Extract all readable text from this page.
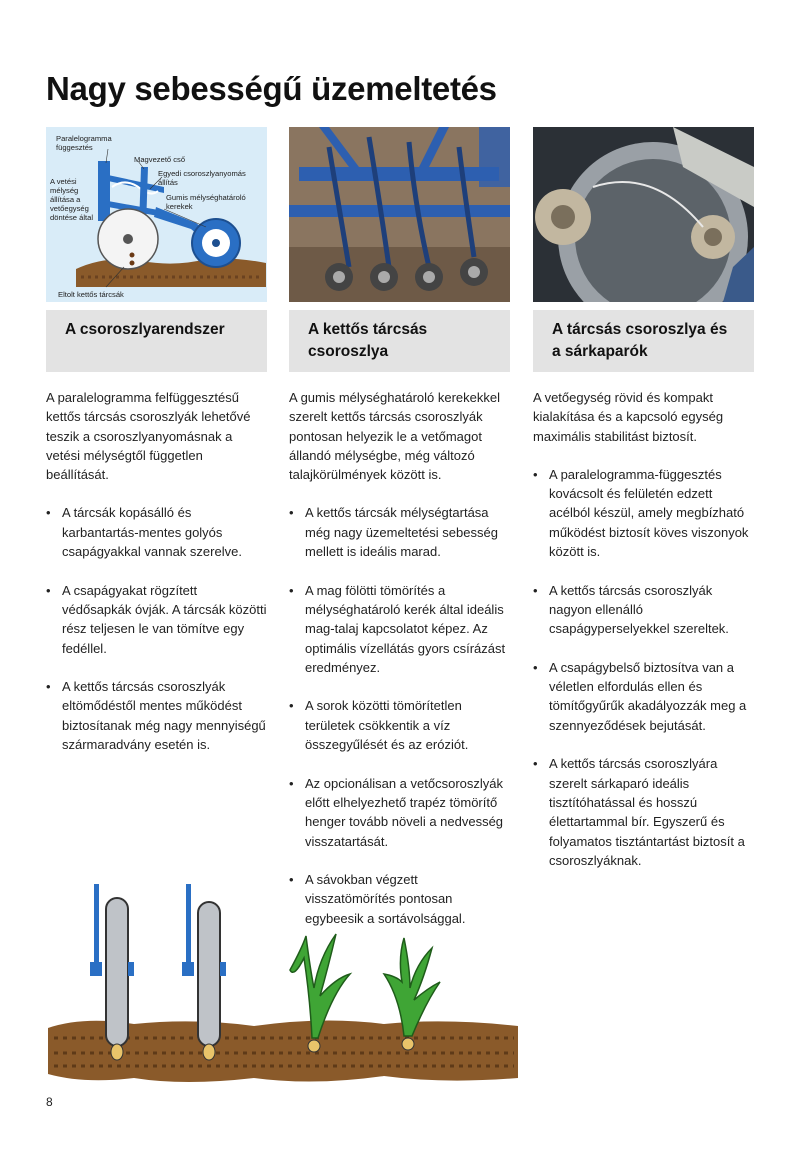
Nagy sebességű üzemeltetés
Paralelogramma
függesztés
Magvezető cső
Egyedi csoroszlyanyomás
állítás
A vetési
mélység
állítása a
vetőegység
döntése által
Gumis mélységhatároló
kerekek
Eltolt kettős tárcsák
A csoroszlyarendszer

A paralelogramma felfüggesztésű kettős tárcsás csoroszlyák lehetővé teszik a csoroszlyanyomásnak a vetési mélységtől független beállítását.

• A tárcsák kopásálló és karbantartás-mentes golyós csapágyakkal vannak szerelve.
• A csapágyakat rögzített védősapkák óvják. A tárcsák közötti rész teljesen le van tömítve egy fedéllel.
• A kettős tárcsás csoroszlyák eltömődéstől mentes működést biztosítanak még nagy mennyiségű szármaradvány esetén is.
A kettős tárcsás csoroszlya

A gumis mélységhatároló kerekekkel szerelt kettős tárcsás csoroszlyák pontosan helyezik le a vetőmagot állandó mélységbe, még változó talajkörülmények között is.

• A kettős tárcsák mélységtartása még nagy üzemeltetési sebesség mellett is ideális marad.
• A mag fölötti tömörítés a mélységhatároló kerék által ideális mag-talaj kapcsolatot képez. Az optimális vízellátás gyors csírázást eredményez.
• A sorok közötti tömörítetlen területek csökkentik a víz összegyűlését és az eróziót.
• Az opcionálisan a vetőcsoroszlyák előtt elhelyezhető trapéz tömörítő henger tovább növeli a nedvesség visszatartását.
• A sávokban végzett visszatömörítés pontosan egybeesik a sortávolsággal.
A tárcsás csoroszlya és a sárkaparók

A vetőegység rövid és kompakt kialakítása és a kapcsoló egység maximális stabilitást biztosít.

• A paralelogramma-függesztés kovácsolt és felületén edzett acélból készül, amely megbízható működést biztosít köves viszonyok között is.
• A kettős tárcsás csoroszlyák nagyon ellenálló csapágyperselyekkel szereltek.
• A csapágybelső biztosítva van a véletlen elfordulás ellen és tömítőgyűrűk akadályozzák meg a szennyeződések bejutását.
• A kettős tárcsás csoroszlyára szerelt sárkaparó ideális tisztítóhatással és hosszú élettartammal bír. Egyszerű és folyamatos tisztántartást biztosít a csoroszlyáknak.
8
